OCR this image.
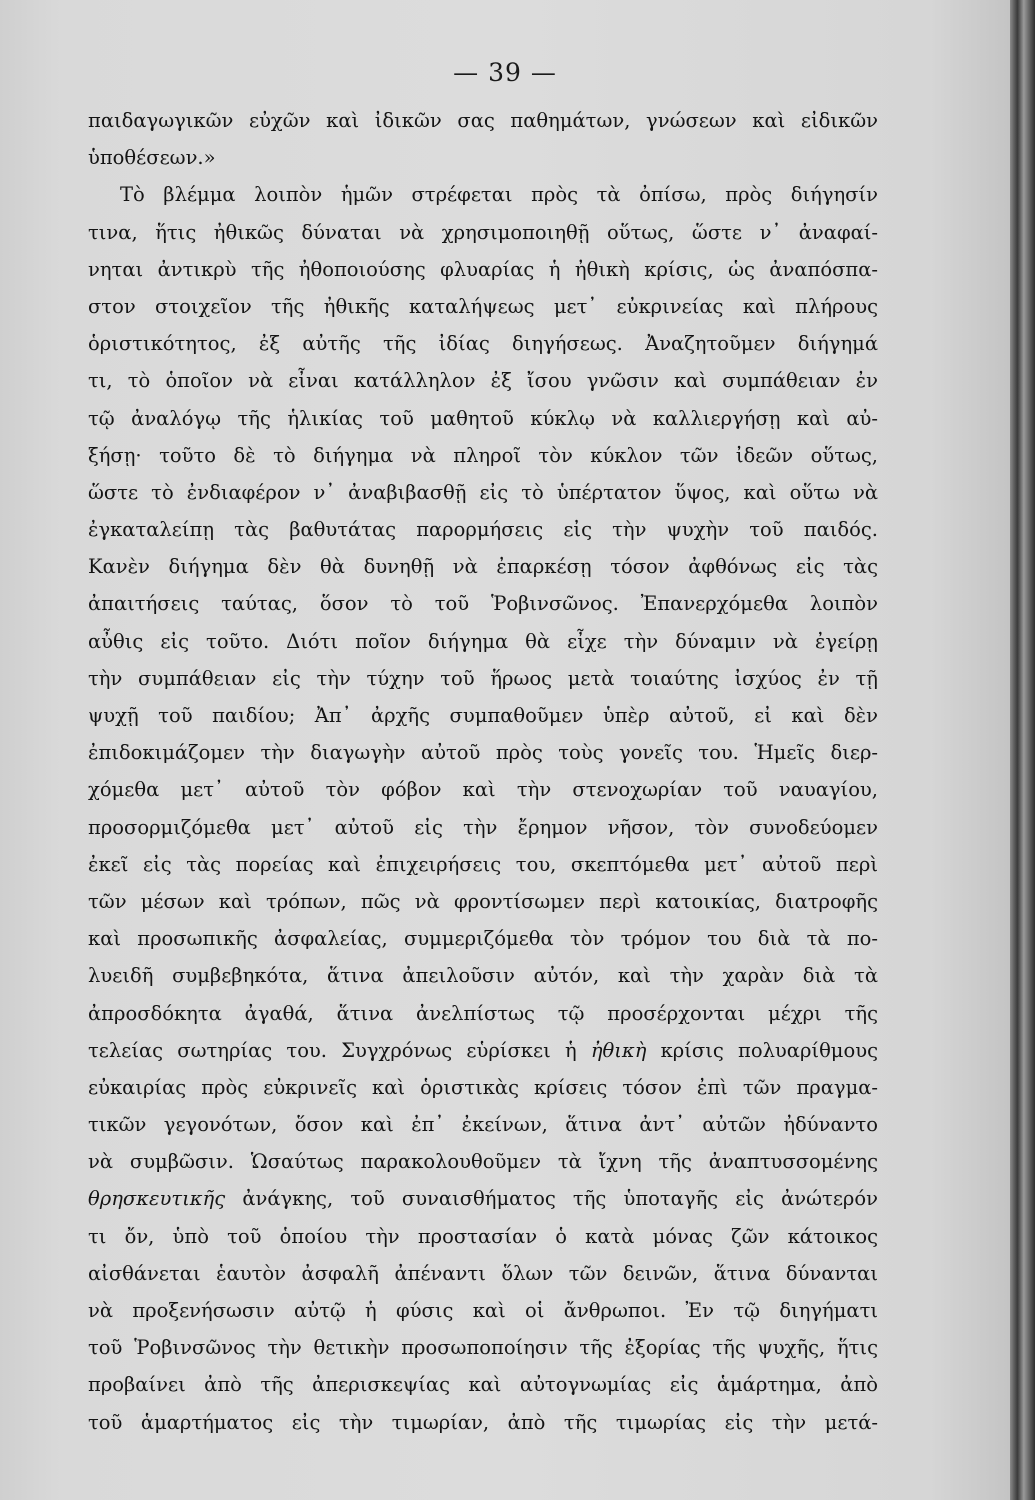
— 39 —
παιδαγωγικῶν εὐχῶν καὶ ἰδικῶν σας παθημάτων, γνώσεων καὶ εἰδικῶν
ὑποθέσεων.»
Τὸ βλέμμα λοιπὸν ἡμῶν στρέφεται πρὸς τὰ ὀπίσω, πρὸς διήγησίν
τινα, ἥτις ἠθικῶς δύναται νὰ χρησιμοποιηθῇ οὕτως, ὥστε ν᾽ ἀναφαί-
νηται ἀντικρὺ τῆς ἠθοποιούσης φλυαρίας ἡ ἠθικὴ κρίσις, ὡς ἀναπόσπα-
στον στοιχεῖον τῆς ἠθικῆς καταλήψεως μετ᾽ εὐκρινείας καὶ πλήρους
ὁριστικότητος, ἐξ αὐτῆς τῆς ἰδίας διηγήσεως. Ἀναζητοῦμεν διήγημά
τι, τὸ ὁποῖον νὰ εἶναι κατάλληλον ἐξ ἴσου γνῶσιν καὶ συμπάθειαν ἐν
τῷ ἀναλόγῳ τῆς ἡλικίας τοῦ μαθητοῦ κύκλῳ νὰ καλλιεργήσῃ καὶ αὐ-
ξήσῃ· τοῦτο δὲ τὸ διήγημα νὰ πληροῖ τὸν κύκλον τῶν ἰδεῶν οὕτως,
ὥστε τὸ ἐνδιαφέρον ν᾽ ἀναβιβασθῇ εἰς τὸ ὑπέρτατον ὕψος, καὶ οὕτω νὰ
ἐγκαταλείπῃ τὰς βαθυτάτας παρορμήσεις εἰς τὴν ψυχὴν τοῦ παιδός.
Κανὲν διήγημα δὲν θὰ δυνηθῇ νὰ ἐπαρκέσῃ τόσον ἀφθόνως εἰς τὰς
ἀπαιτήσεις ταύτας, ὅσον τὸ τοῦ Ῥοβινσῶνος. Ἐπανερχόμεθα λοιπὸν
αὖθις εἰς τοῦτο. Διότι ποῖον διήγημα θὰ εἶχε τὴν δύναμιν νὰ ἐγείρῃ
τὴν συμπάθειαν εἰς τὴν τύχην τοῦ ἥρωος μετὰ τοιαύτης ἰσχύος ἐν τῇ
ψυχῇ τοῦ παιδίου; Ἀπ᾽ ἀρχῆς συμπαθοῦμεν ὑπὲρ αὐτοῦ, εἰ καὶ δὲν
ἐπιδοκιμάζομεν τὴν διαγωγὴν αὐτοῦ πρὸς τοὺς γονεῖς του. Ἡμεῖς διερ-
χόμεθα μετ᾽ αὐτοῦ τὸν φόβον καὶ τὴν στενοχωρίαν τοῦ ναυαγίου,
προσορμιζόμεθα μετ᾽ αὐτοῦ εἰς τὴν ἔρημον νῆσον, τὸν συνοδεύομεν
ἐκεῖ εἰς τὰς πορείας καὶ ἐπιχειρήσεις του, σκεπτόμεθα μετ᾽ αὐτοῦ περὶ
τῶν μέσων καὶ τρόπων, πῶς νὰ φροντίσωμεν περὶ κατοικίας, διατροφῆς
καὶ προσωπικῆς ἀσφαλείας, συμμεριζόμεθα τὸν τρόμον του διὰ τὰ πο-
λυειδῆ συμβεβηκότα, ἅτινα ἀπειλοῦσιν αὐτόν, καὶ τὴν χαρὰν διὰ τὰ
ἀπροσδόκητα ἀγαθά, ἅτινα ἀνελπίστως τῷ προσέρχονται μέχρι τῆς
τελείας σωτηρίας του. Συγχρόνως εὑρίσκει ἡ ἠθικὴ κρίσις πολυαρίθμους
εὐκαιρίας πρὸς εὐκρινεῖς καὶ ὁριστικὰς κρίσεις τόσον ἐπὶ τῶν πραγμα-
τικῶν γεγονότων, ὅσον καὶ ἐπ᾽ ἐκείνων, ἅτινα ἀντ᾽ αὐτῶν ἠδύναντο
νὰ συμβῶσιν. Ὡσαύτως παρακολουθοῦμεν τὰ ἴχνη τῆς ἀναπτυσσομένης
θρησκευτικῆς ἀνάγκης, τοῦ συναισθήματος τῆς ὑποταγῆς εἰς ἀνώτερόν
τι ὄν, ὑπὸ τοῦ ὁποίου τὴν προστασίαν ὁ κατὰ μόνας ζῶν κάτοικος
αἰσθάνεται ἑαυτὸν ἀσφαλῆ ἀπέναντι ὅλων τῶν δεινῶν, ἅτινα δύνανται
νὰ προξενήσωσιν αὐτῷ ἡ φύσις καὶ οἱ ἄνθρωποι. Ἐν τῷ διηγήματι
τοῦ Ῥοβινσῶνος τὴν θετικὴν προσωποποίησιν τῆς ἐξορίας τῆς ψυχῆς, ἥτις
προβαίνει ἀπὸ τῆς ἀπερισκεψίας καὶ αὐτογνωμίας εἰς ἁμάρτημα, ἀπὸ
τοῦ ἁμαρτήματος εἰς τὴν τιμωρίαν, ἀπὸ τῆς τιμωρίας εἰς τὴν μετά-
